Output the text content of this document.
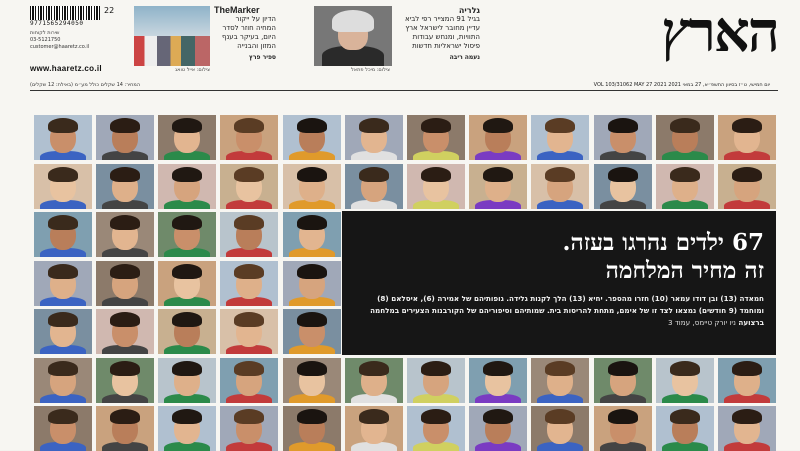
הארץ
גלריה
בגיל 91 המצייר רפי לביא עדיין מחובר לישראל ארץ התוויות, ומנחש עבודות פיסול ישראליות חדשות
נעמה ריבה
צילום: מיכל פתאל
TheMarker
הדיון על ייקור המחיה חוזר לסדר היום, בעיקר בענף המזון והבנייה
ספיר פרץ
צילום: אייל טואג
9771565294050
22
שירות לקוחות
03-5121750
customer@haaretz.co.il
www.haaretz.co.il
המחיר: 14 שקלים כולל מע״מ (באילת: 12 שקלים)	יום חמישי, ט״ז בסיוון התשפ״א, 27 במאי 2021 VOL 103/31062 MAY 27 2021
67 ילדים נהרגו בעזה.
זה מחיר המלחמה
חמאדה (13) ובן דודו עמאר (10) חזרו מהספר. יחיא (13) הלך לקנות גלידה. גופותיהם של אמירה (6), איסלאם (8) ומוחמד (9 חודשים) נמצאו לצד זו של אימם, מתחת להריסות בית. שמותיהם וסיפוריהם של הקורבנות הצעירים במלחמה ברצועה ניו יורק טיימס, עמוד 3
